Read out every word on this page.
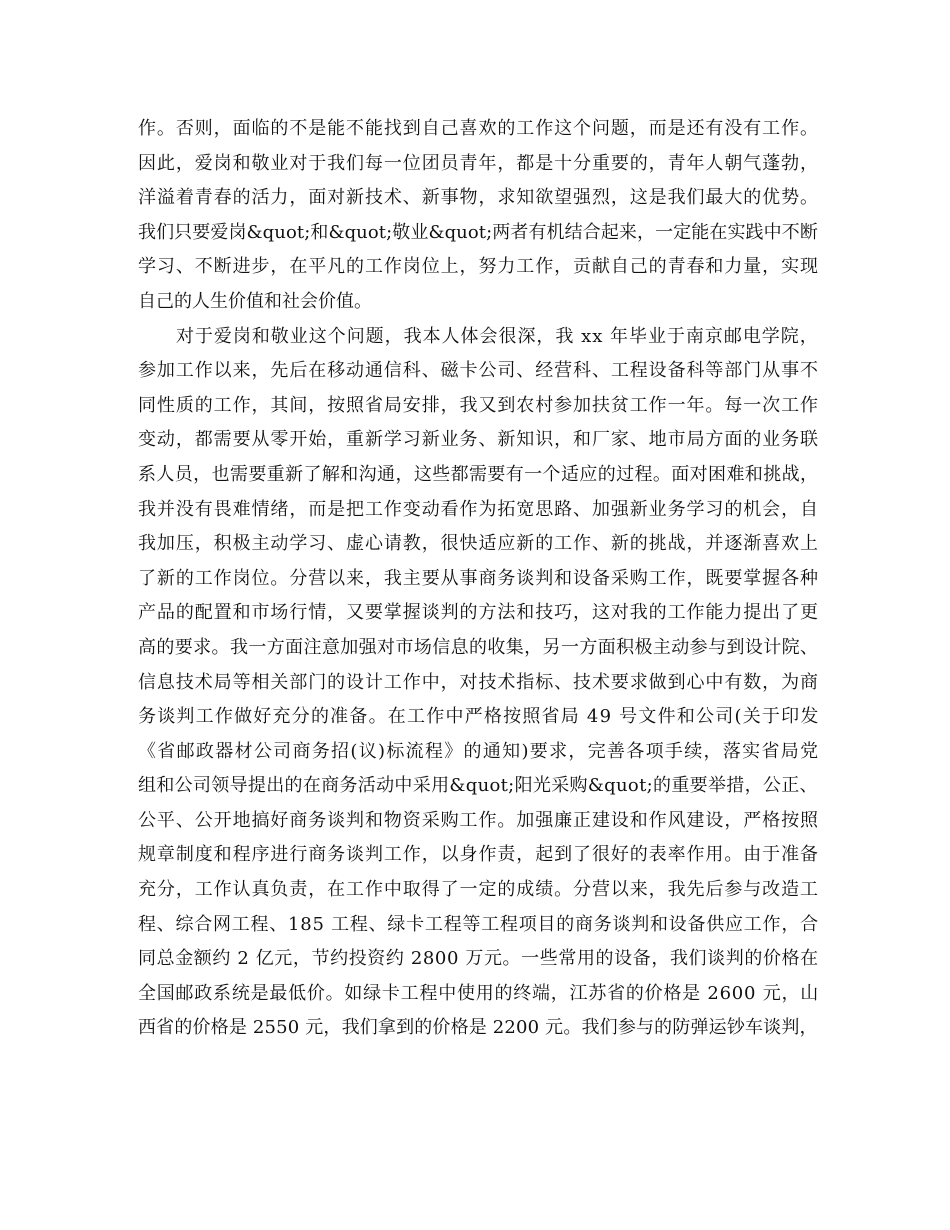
作。否则，面临的不是能不能找到自己喜欢的工作这个问题，而是还有没有工作。
因此，爱岗和敬业对于我们每一位团员青年，都是十分重要的，青年人朝气蓬勃，
洋溢着青春的活力，面对新技术、新事物，求知欲望强烈，这是我们最大的优势。
我们只要爱岗&quot;和&quot;敬业&quot;两者有机结合起来，一定能在实践中不断
学习、不断进步，在平凡的工作岗位上，努力工作，贡献自己的青春和力量，实现
自己的人生价值和社会价值。
　　对于爱岗和敬业这个问题，我本人体会很深，我 xx 年毕业于南京邮电学院，
参加工作以来，先后在移动通信科、磁卡公司、经营科、工程设备科等部门从事不
同性质的工作，其间，按照省局安排，我又到农村参加扶贫工作一年。每一次工作
变动，都需要从零开始，重新学习新业务、新知识，和厂家、地市局方面的业务联
系人员，也需要重新了解和沟通，这些都需要有一个适应的过程。面对困难和挑战，
我并没有畏难情绪，而是把工作变动看作为拓宽思路、加强新业务学习的机会，自
我加压，积极主动学习、虚心请教，很快适应新的工作、新的挑战，并逐渐喜欢上
了新的工作岗位。分营以来，我主要从事商务谈判和设备采购工作，既要掌握各种
产品的配置和市场行情，又要掌握谈判的方法和技巧，这对我的工作能力提出了更
高的要求。我一方面注意加强对市场信息的收集，另一方面积极主动参与到设计院、
信息技术局等相关部门的设计工作中，对技术指标、技术要求做到心中有数，为商
务谈判工作做好充分的准备。在工作中严格按照省局 49 号文件和公司(关于印发
《省邮政器材公司商务招(议)标流程》的通知)要求，完善各项手续，落实省局党
组和公司领导提出的在商务活动中采用&quot;阳光采购&quot;的重要举措，公正、
公平、公开地搞好商务谈判和物资采购工作。加强廉正建设和作风建设，严格按照
规章制度和程序进行商务谈判工作，以身作责，起到了很好的表率作用。由于准备
充分，工作认真负责，在工作中取得了一定的成绩。分营以来，我先后参与改造工
程、综合网工程、185 工程、绿卡工程等工程项目的商务谈判和设备供应工作，合
同总金额约 2 亿元，节约投资约 2800 万元。一些常用的设备，我们谈判的价格在
全国邮政系统是最低价。如绿卡工程中使用的终端，江苏省的价格是 2600 元，山
西省的价格是 2550 元，我们拿到的价格是 2200 元。我们参与的防弹运钞车谈判，
